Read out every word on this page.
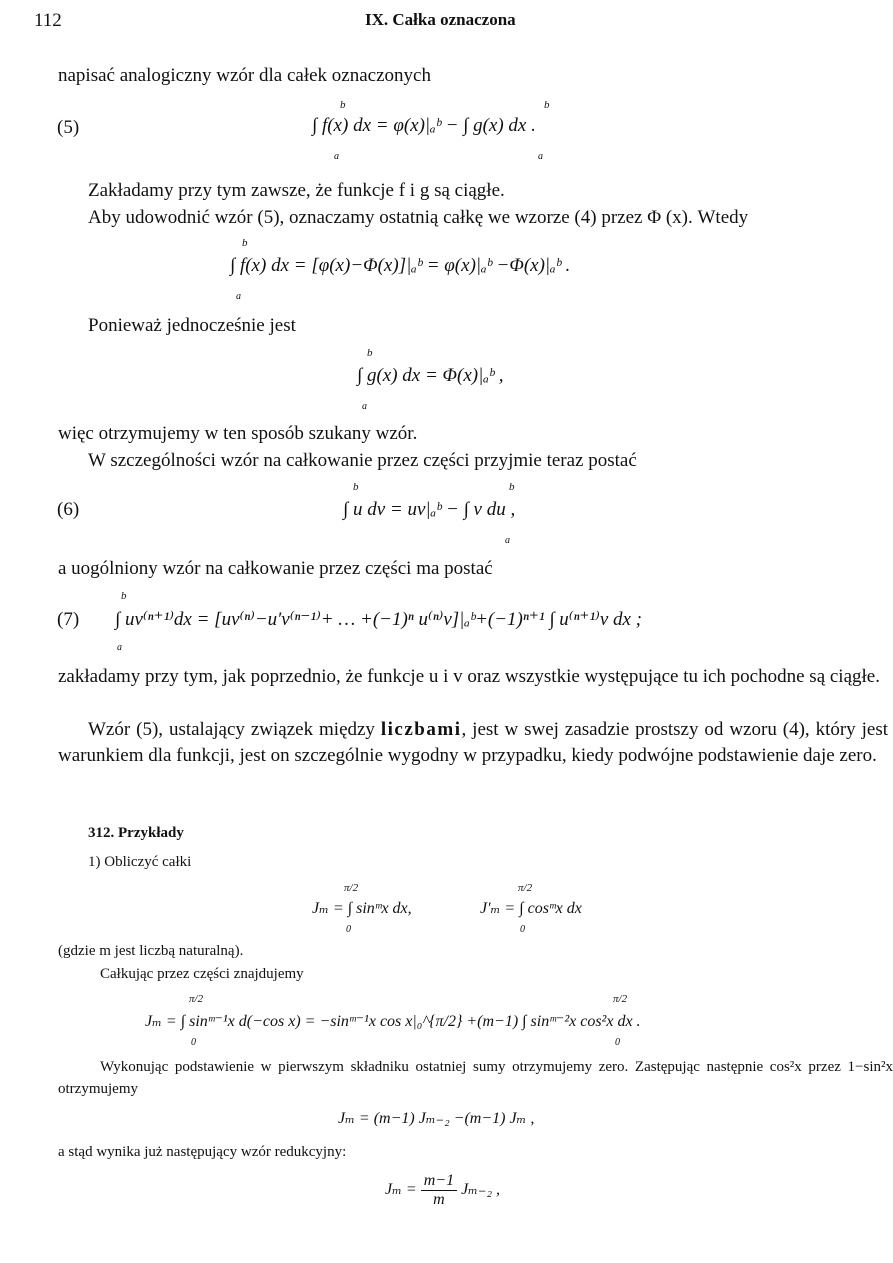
112	IX. Całka oznaczona
napisać analogiczny wzór dla całek oznaczonych
(5)
b
a
b
a
∫ f(x) dx = φ(x)|ₐᵇ − ∫ g(x) dx .
Zakładamy przy tym zawsze, że funkcje f i g są ciągłe.
Aby udowodnić wzór (5), oznaczamy ostatnią całkę we wzorze (4) przez Φ (x). Wtedy
b
a
∫ f(x) dx = [φ(x)−Φ(x)]|ₐᵇ = φ(x)|ₐᵇ −Φ(x)|ₐᵇ .
Ponieważ jednocześnie jest
b
a
∫ g(x) dx = Φ(x)|ₐᵇ ,
więc otrzymujemy w ten sposób szukany wzór.
W szczególności wzór na całkowanie przez części przyjmie teraz postać
(6)
b	b
a
∫ u dv = uv|ₐᵇ − ∫ v du ,
a uogólniony wzór na całkowanie przez części ma postać
(7)
b
a
∫ uv⁽ⁿ⁺¹⁾dx = [uv⁽ⁿ⁾−u′v⁽ⁿ⁻¹⁾+ … +(−1)ⁿ u⁽ⁿ⁾v]|ₐᵇ+(−1)ⁿ⁺¹ ∫ u⁽ⁿ⁺¹⁾v dx ;
zakładamy przy tym, jak poprzednio, że funkcje u i v oraz wszystkie występujące tu ich pochodne są ciągłe.
Wzór (5), ustalający związek między liczbami, jest w swej zasadzie prostszy od wzoru (4), który jest warunkiem dla funkcji, jest on szczególnie wygodny w przypadku, kiedy podwójne podstawienie daje zero.
312. Przykłady
1) Obliczyć całki
π/2
0
π/2
0
Jₘ = ∫ sinᵐx dx,	J′ₘ = ∫ cosᵐx dx
(gdzie m jest liczbą naturalną).
Całkując przez części znajdujemy
π/2
0
π/2
0
Jₘ = ∫ sinᵐ⁻¹x d(−cos x) = −sinᵐ⁻¹x cos x|₀^{π/2} +(m−1) ∫ sinᵐ⁻²x cos²x dx .
Wykonując podstawienie w pierwszym składniku ostatniej sumy otrzymujemy zero. Zastępując następnie cos²x przez 1−sin²x otrzymujemy
Jₘ = (m−1) Jₘ₋₂ −(m−1) Jₘ ,
a stąd wynika już następujący wzór redukcyjny:
$J_m = \frac{m-1}{m} J_{m-2}$ ,
